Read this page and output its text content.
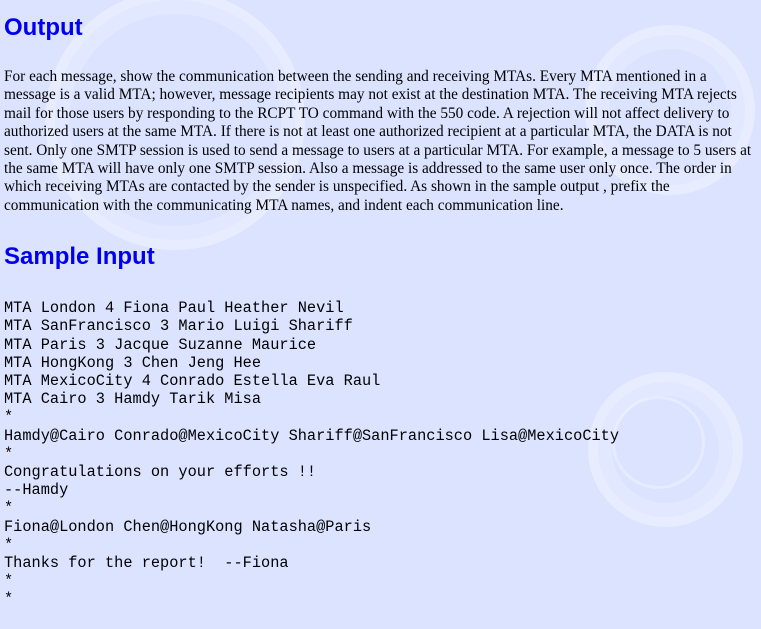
Output

For each message, show the communication between the sending and receiving MTAs. Every MTA mentioned in a message is a valid MTA; however, message recipients may not exist at the destination MTA. The receiving MTA rejects mail for those users by responding to the RCPT TO command with the 550 code. A rejection will not affect delivery to authorized users at the same MTA. If there is not at least one authorized recipient at a particular MTA, the DATA is not sent. Only one SMTP session is used to send a message to users at a particular MTA. For example, a message to 5 users at the same MTA will have only one SMTP session. Also a message is addressed to the same user only once. The order in which receiving MTAs are contacted by the sender is unspecified. As shown in the sample output , prefix the communication with the communicating MTA names, and indent each communication line.

Sample Input
MTA London 4 Fiona Paul Heather Nevil
MTA SanFrancisco 3 Mario Luigi Shariff
MTA Paris 3 Jacque Suzanne Maurice
MTA HongKong 3 Chen Jeng Hee
MTA MexicoCity 4 Conrado Estella Eva Raul
MTA Cairo 3 Hamdy Tarik Misa
*
Hamdy@Cairo Conrado@MexicoCity Shariff@SanFrancisco Lisa@MexicoCity
*
Congratulations on your efforts !!
--Hamdy
*
Fiona@London Chen@HongKong Natasha@Paris
*
Thanks for the report!  --Fiona
*
*
